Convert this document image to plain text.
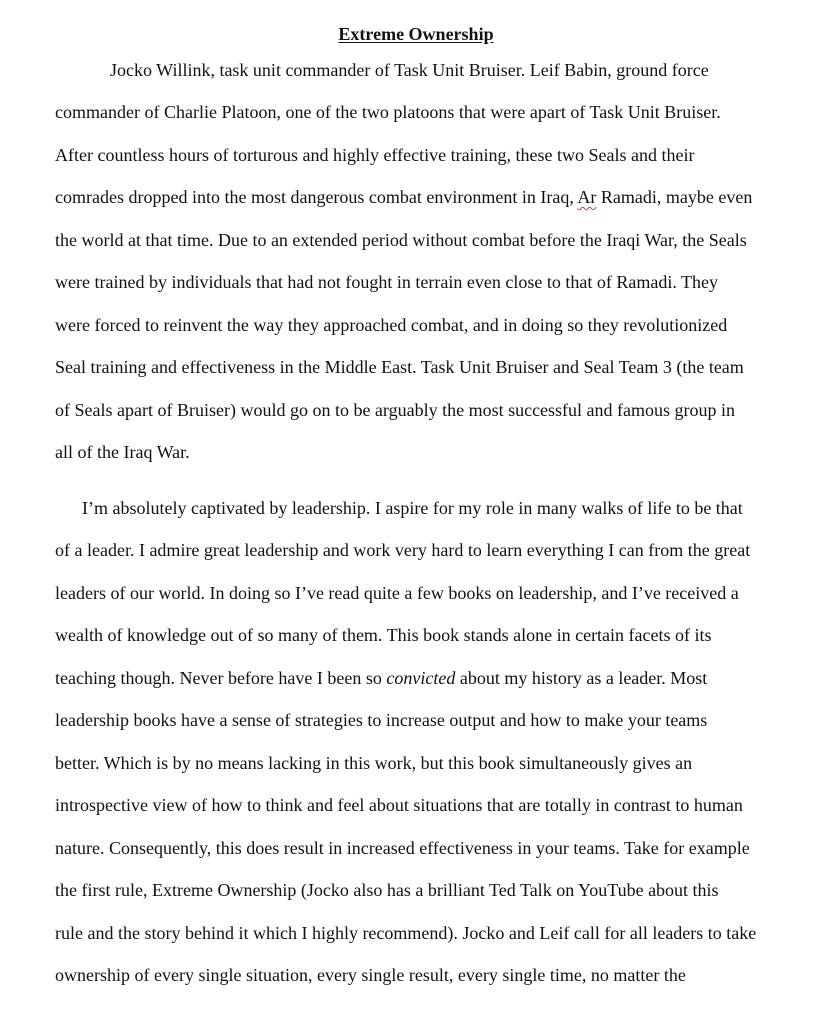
Extreme Ownership
Jocko Willink, task unit commander of Task Unit Bruiser. Leif Babin, ground force
commander of Charlie Platoon, one of the two platoons that were apart of Task Unit Bruiser.
After countless hours of torturous and highly effective training, these two Seals and their
comrades dropped into the most dangerous combat environment in Iraq, Ar Ramadi, maybe even
the world at that time. Due to an extended period without combat before the Iraqi War, the Seals
were trained by individuals that had not fought in terrain even close to that of Ramadi. They
were forced to reinvent the way they approached combat, and in doing so they revolutionized
Seal training and effectiveness in the Middle East. Task Unit Bruiser and Seal Team 3 (the team
of Seals apart of Bruiser) would go on to be arguably the most successful and famous group in
all of the Iraq War.
I’m absolutely captivated by leadership. I aspire for my role in many walks of life to be that
of a leader. I admire great leadership and work very hard to learn everything I can from the great
leaders of our world. In doing so I’ve read quite a few books on leadership, and I’ve received a
wealth of knowledge out of so many of them. This book stands alone in certain facets of its
teaching though. Never before have I been so convicted about my history as a leader. Most
leadership books have a sense of strategies to increase output and how to make your teams
better. Which is by no means lacking in this work, but this book simultaneously gives an
introspective view of how to think and feel about situations that are totally in contrast to human
nature. Consequently, this does result in increased effectiveness in your teams. Take for example
the first rule, Extreme Ownership (Jocko also has a brilliant Ted Talk on YouTube about this
rule and the story behind it which I highly recommend). Jocko and Leif call for all leaders to take
ownership of every single situation, every single result, every single time, no matter the
